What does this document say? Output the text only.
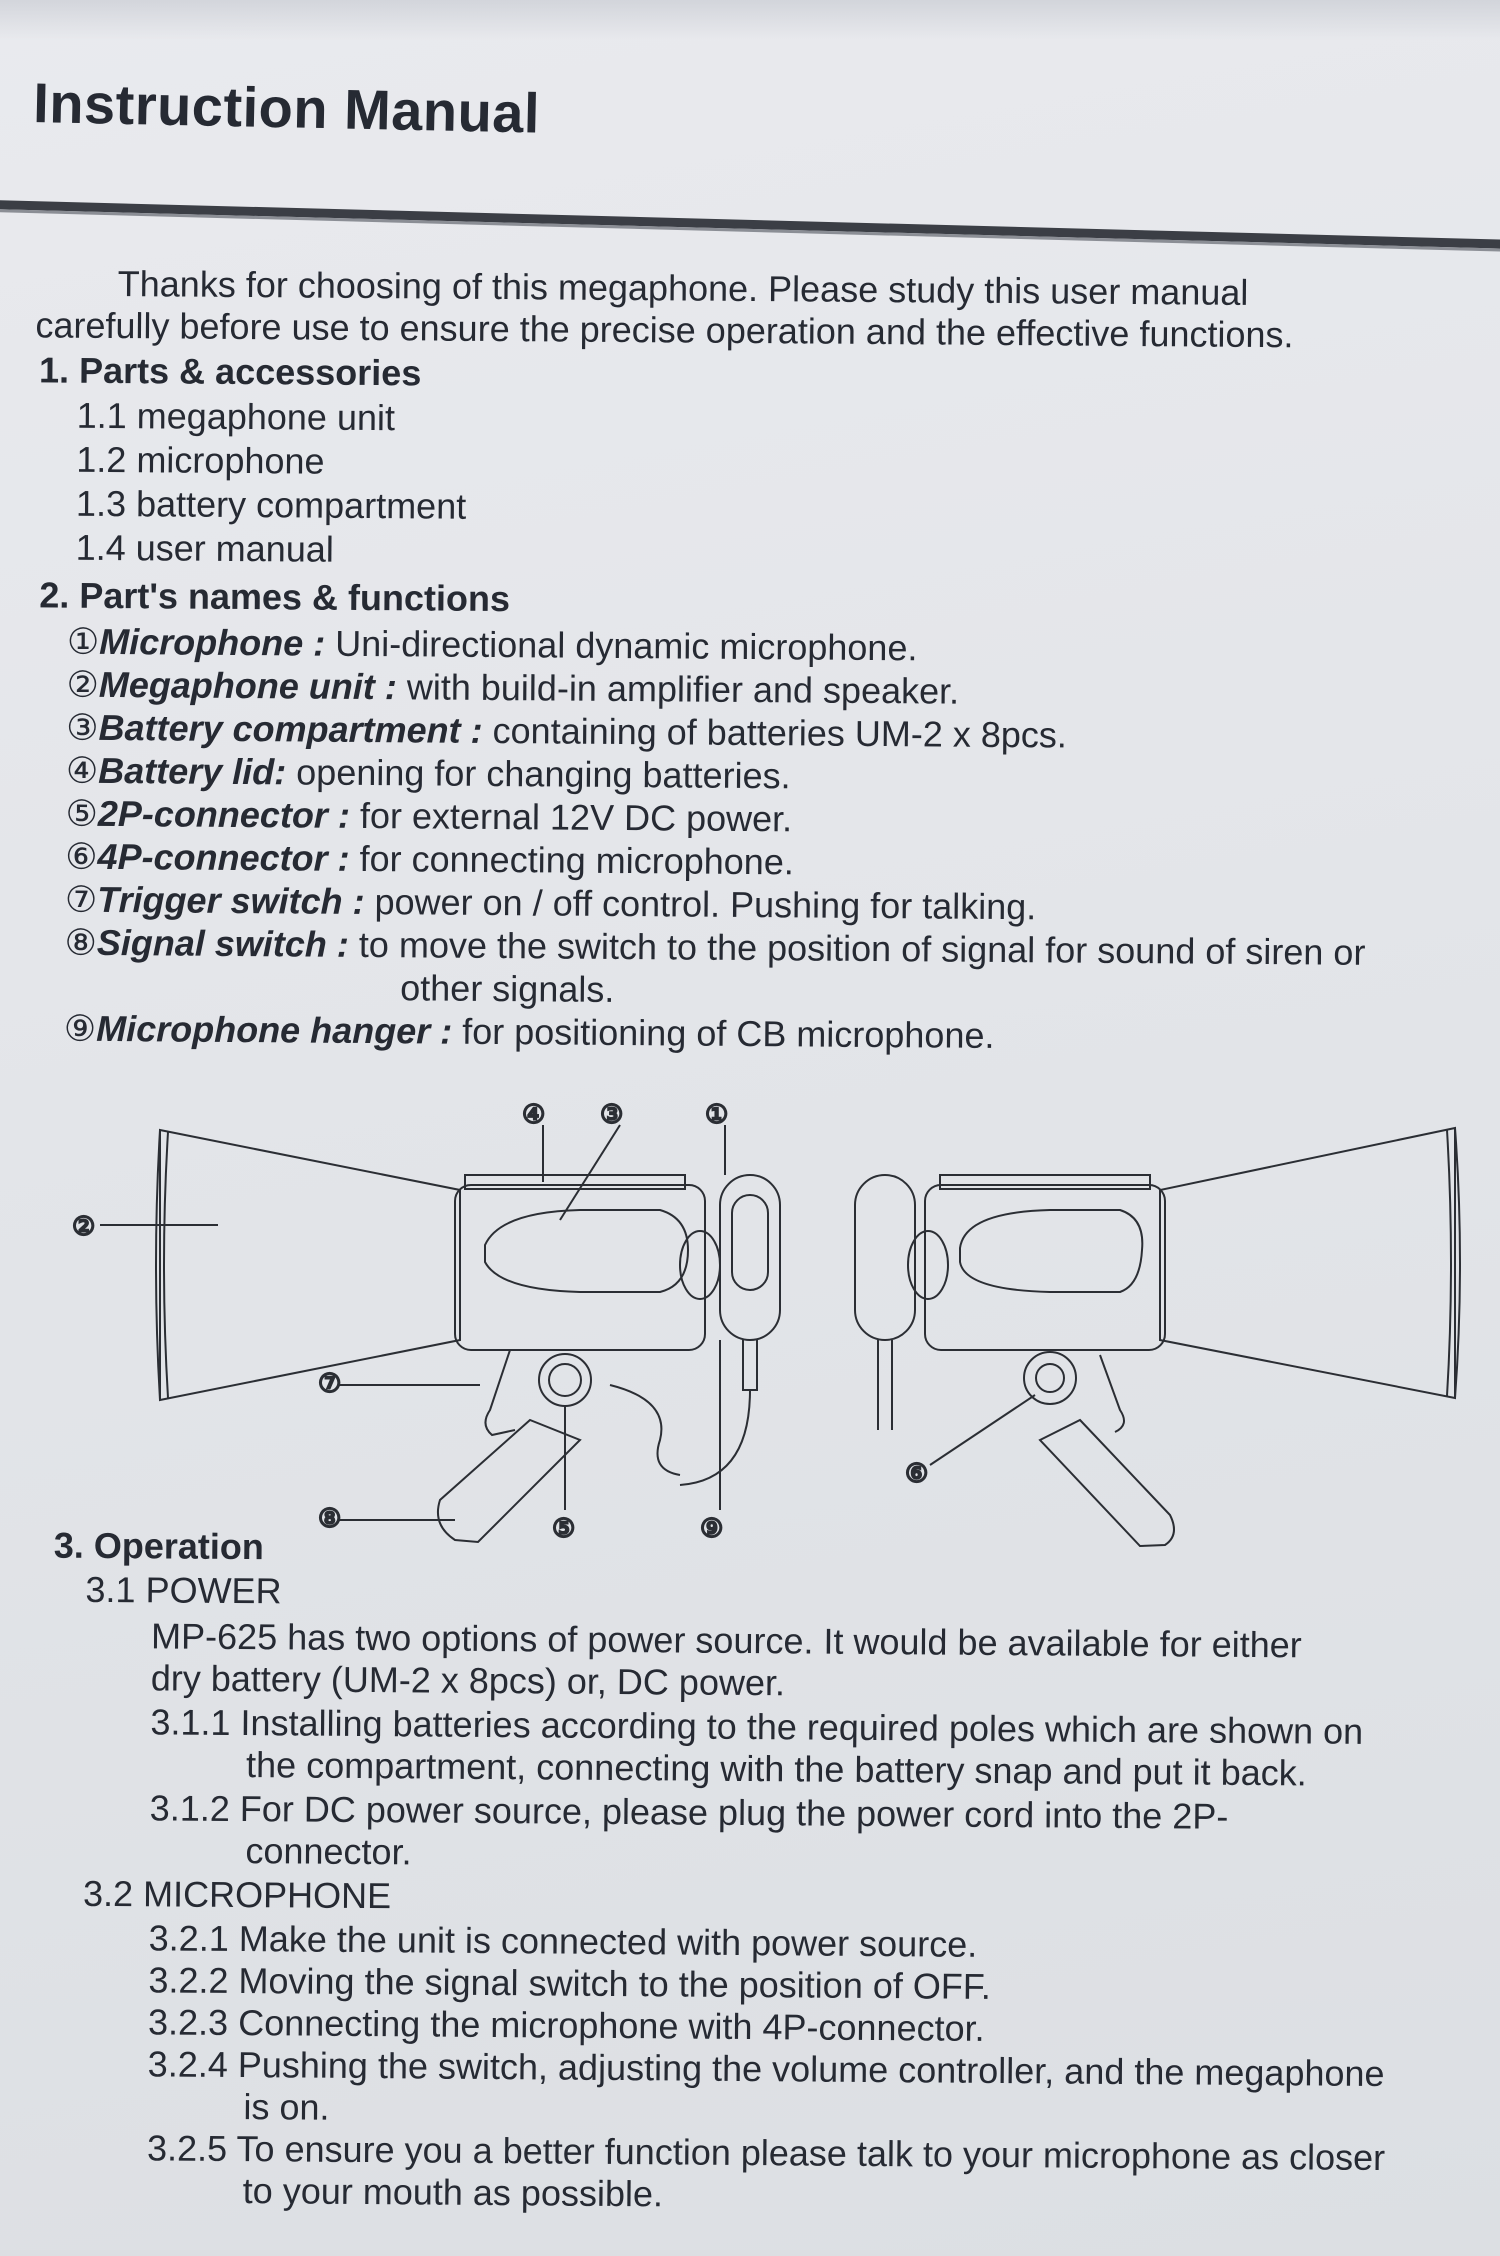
Instruction Manual
Thanks for choosing of this megaphone. Please study this user manual
carefully before use to ensure the precise operation and the effective functions.
1. Parts & accessories
1.1 megaphone unit
1.2 microphone
1.3 battery compartment
1.4 user manual
2. Part's names & functions
①Microphone : Uni-directional dynamic microphone.
②Megaphone unit : with build-in amplifier and speaker.
③Battery compartment : containing of batteries UM-2 x 8pcs.
④Battery lid: opening for changing batteries.
⑤2P-connector : for external 12V DC power.
⑥4P-connector : for connecting microphone.
⑦Trigger switch : power on / off control. Pushing for talking.
⑧Signal switch : to move the switch to the position of signal for sound of siren or
other signals.
⑨Microphone hanger : for positioning of CB microphone.
3. Operation
3.1 POWER
MP-625 has two options of power source. It would be available for either
dry battery (UM-2 x 8pcs) or, DC power.
3.1.1 Installing batteries according to the required poles which are shown on
the compartment, connecting with the battery snap and put it back.
3.1.2 For DC power source, please plug the power cord into the 2P-
connector.
3.2 MICROPHONE
3.2.1 Make the unit is connected with power source.
3.2.2 Moving the signal switch to the position of OFF.
3.2.3 Connecting the microphone with 4P-connector.
3.2.4 Pushing the switch, adjusting the volume controller, and the megaphone
is on.
3.2.5 To ensure you a better function please talk to your microphone as closer
to your mouth as possible.
④ ③	①
②
⑦
⑥
⑧	⑤	⑨
